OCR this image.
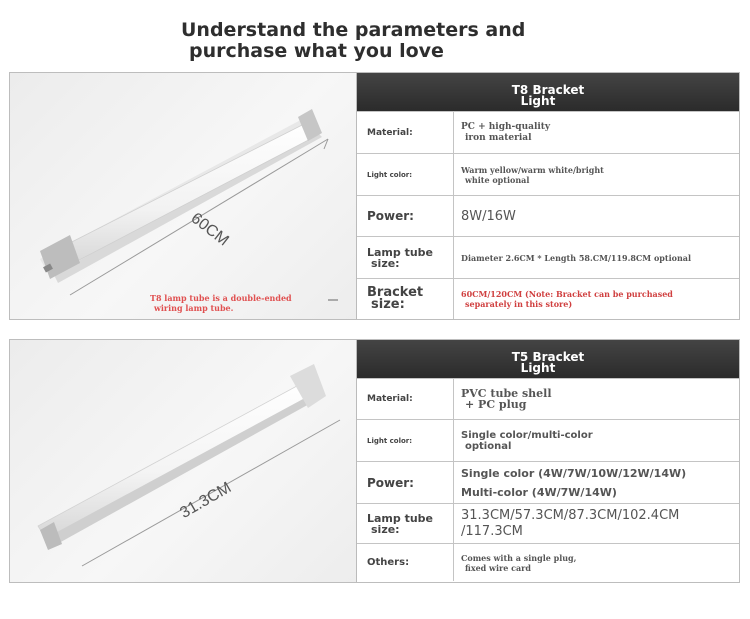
Understand the parameters and
purchase what you love
60CM
T8 lamp tube is a double-ended
wiring lamp tube.
T8 Bracket
Light
Material:
PC + high-quality
iron material
Light color:	Warm yellow/warm white/bright
white optional
Power:	8W/16W
Lamp tube
size:	Diameter 2.6CM * Length 58.CM/119.8CM optional
Bracket
size:
60CM/120CM (Note: Bracket can be purchased
separately in this store)
31.3CM
T5 Bracket
Light
Material:	PVC tube shell
+ PC plug
Light color:	Single color/multi-color
optional
Power:
Single color (4W/7W/10W/12W/14W)
Multi-color (4W/7W/14W)
Lamp tube
size:
31.3CM/57.3CM/87.3CM/102.4CM
/117.3CM
Others:	Comes with a single plug,
fixed wire card
